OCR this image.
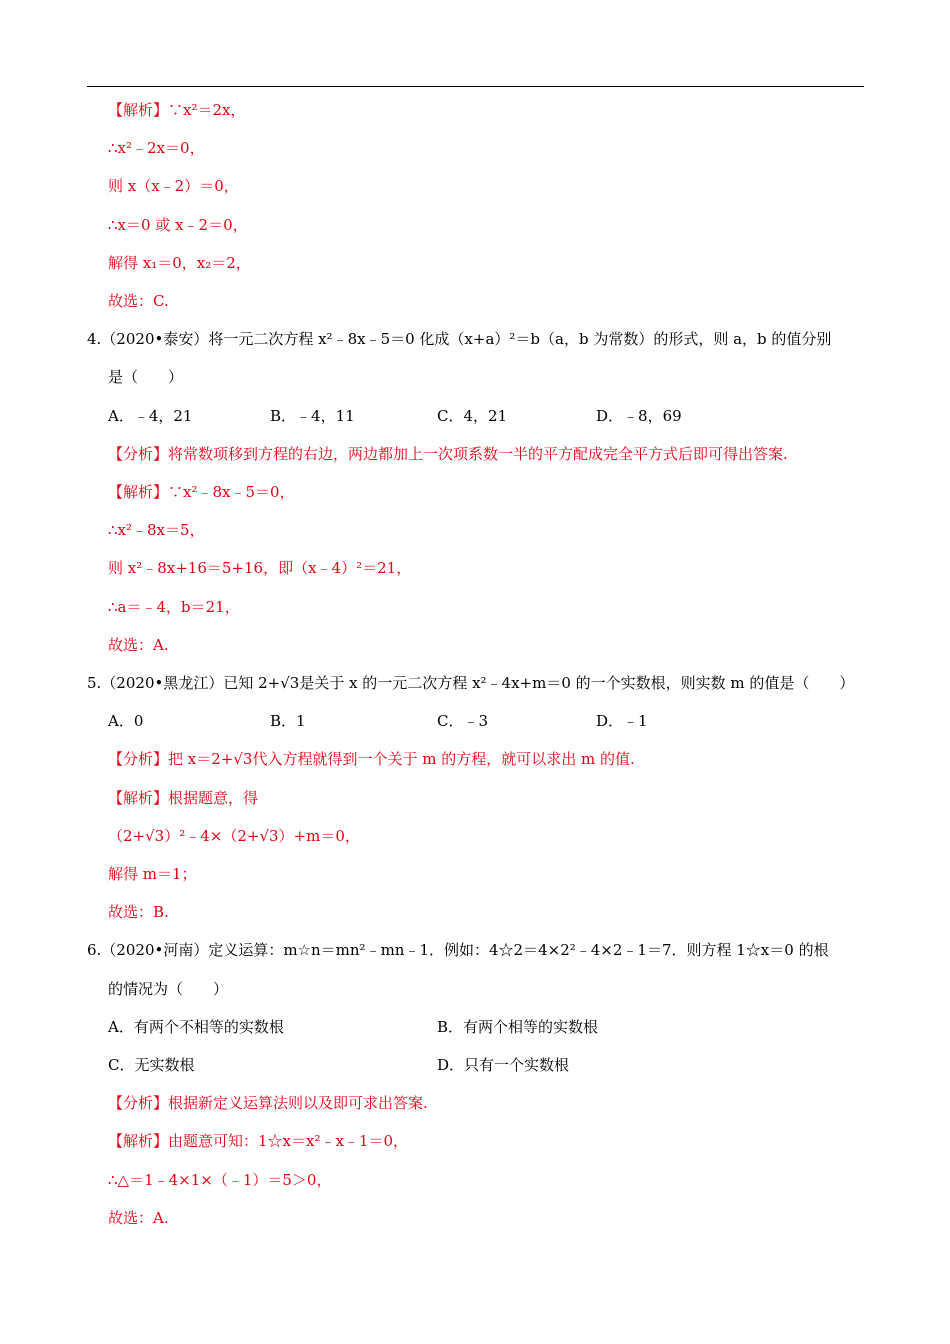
【解析】∵x²＝2x，
∴x²﹣2x＝0，
则 x（x﹣2）＝0，
∴x＝0 或 x﹣2＝0，
解得 x₁＝0，x₂＝2，
故选：C.
4.（2020•泰安）将一元二次方程 x²﹣8x﹣5＝0 化成（x+a）²＝b（a，b 为常数）的形式，则 a，b 的值分别
是（　　）
【分析】将常数项移到方程的右边，两边都加上一次项系数一半的平方配成完全平方式后即可得出答案.
【解析】∵x²﹣8x﹣5＝0，
∴x²﹣8x＝5，
则 x²﹣8x+16＝5+16，即（x﹣4）²＝21，
∴a＝﹣4，b＝21，
故选：A.
5.（2020•黑龙江）已知 2+√3是关于 x 的一元二次方程 x²﹣4x+m＝0 的一个实数根，则实数 m 的值是（　　）
【分析】把 x＝2+√3代入方程就得到一个关于 m 的方程，就可以求出 m 的值.
【解析】根据题意，得
（2+√3）²﹣4×（2+√3）+m＝0，
解得 m＝1；
故选：B.
6.（2020•河南）定义运算：m☆n＝mn²﹣mn﹣1．例如：4☆2＝4×2²﹣4×2﹣1＝7．则方程 1☆x＝0 的根
的情况为（　　）
【分析】根据新定义运算法则以及即可求出答案.
【解析】由题意可知：1☆x＝x²﹣x﹣1＝0，
∴△＝1﹣4×1×（﹣1）＝5＞0，
故选：A.
A．﹣4，21	B．﹣4，11	C．4，21	D．﹣8，69
A．0	B．1	C．﹣3	D．﹣1
A．有两个不相等的实数根	B．有两个相等的实数根
C．无实数根	D．只有一个实数根
